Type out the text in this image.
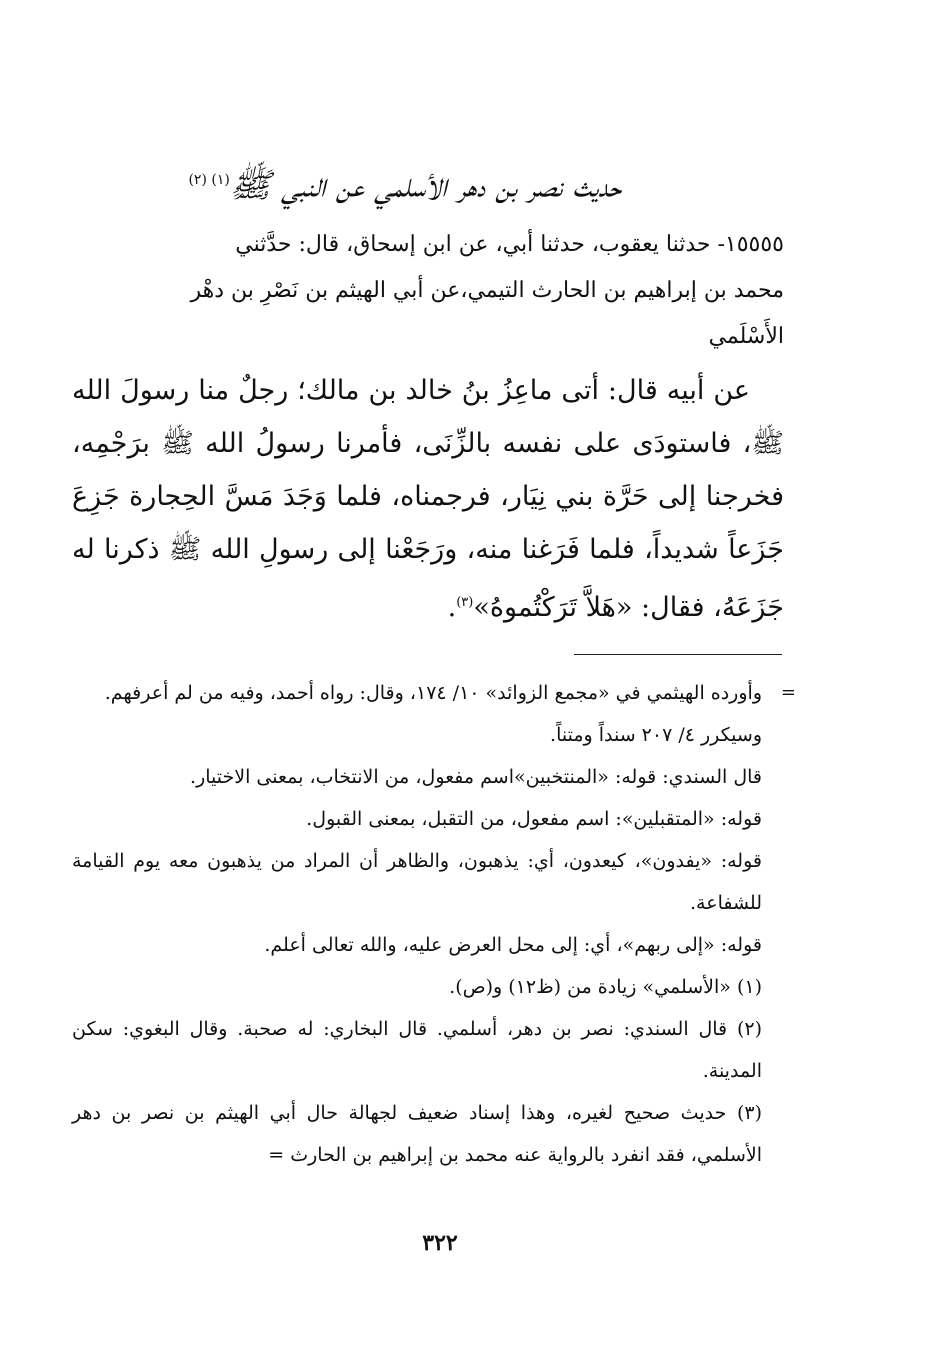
حديث نصر بن دهر الأسلمي عن النبي ﷺ$^{(١) (٢)}$

١٥٥٥٥- حدثنا يعقوب، حدثنا أبي، عن ابن إسحاق، قال: حدَّثني

محمد بن إبراهيم بن الحارث التيمي،عن أبي الهيثم بن نَصْرِ بن دهْر

الأَسْلَمي

عن أبيه قال: أتى ماعِزُ بنُ خالد بن مالك؛ رجلٌ منا رسولَ الله ﷺ، فاستودَى على نفسه بالزِّنَى، فأمرنا رسولُ الله ﷺ برَجْمِه، فخرجنا إلى حَرَّة بني نِيَار، فرجمناه، فلما وَجَدَ مَسَّ الحِجارة جَزِعَ جَزَعاً شديداً، فلما فَرَغنا منه، ورَجَعْنا إلى رسولِ الله ﷺ ذكرنا له جَزَعَهُ، فقال: «هَلاَّ تَرَكْتُموهُ»$^{(٣)}$.

=

وأورده الهيثمي في «مجمع الزوائد» ١٠/ ١٧٤، وقال: رواه أحمد، وفيه من لم أعرفهم.

وسيكرر ٤/ ٢٠٧ سنداً ومتناً.

قال السندي: قوله: «المنتخبين»اسم مفعول، من الانتخاب، بمعنى الاختيار.

قوله: «المتقبلين»: اسم مفعول، من التقبل، بمعنى القبول.

قوله: «يفدون»، كيعدون، أي: يذهبون، والظاهر أن المراد من يذهبون معه يوم القيامة للشفاعة.

قوله: «إلى ربهم»، أي: إلى محل العرض عليه، والله تعالى أعلم.

(١) «الأسلمي» زيادة من (ظ١٢) و(ص).

(٢) قال السندي: نصر بن دهر، أسلمي. قال البخاري: له صحبة. وقال البغوي: سكن المدينة.

(٣) حديث صحيح لغيره، وهذا إسناد ضعيف لجهالة حال أبي الهيثم بن نصر بن دهر الأسلمي، فقد انفرد بالرواية عنه محمد بن إبراهيم بن الحارث =

٣٢٢
